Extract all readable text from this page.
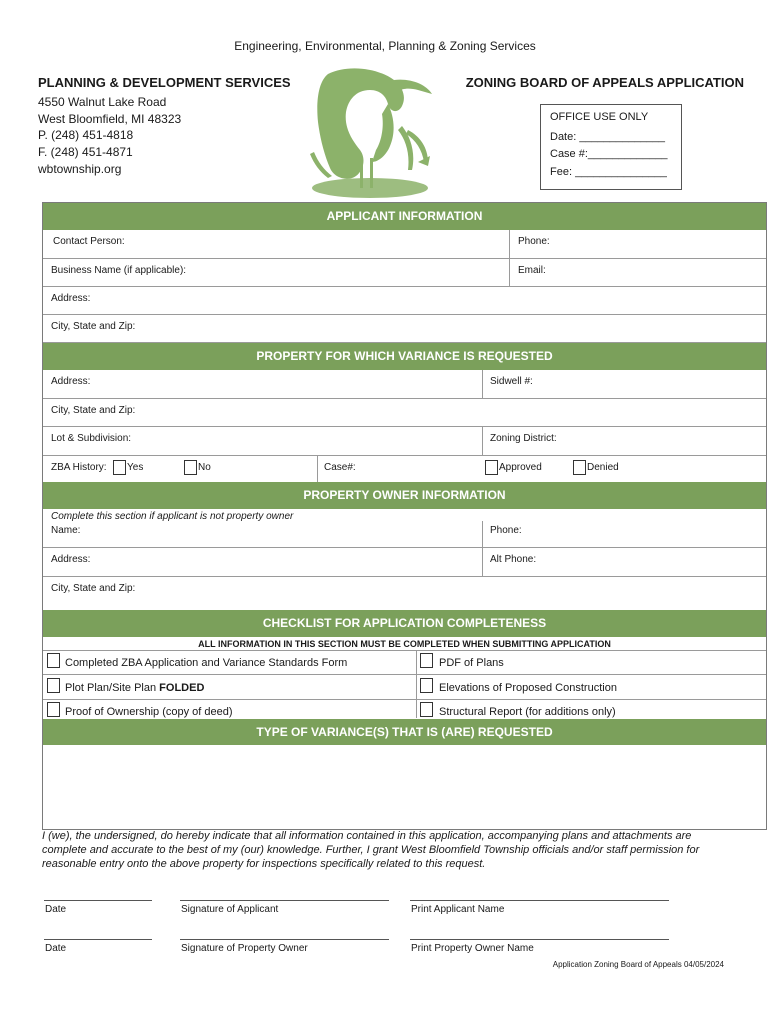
Engineering, Environmental, Planning & Zoning Services
PLANNING & DEVELOPMENT SERVICES
4550 Walnut Lake Road
West Bloomfield, MI 48323
P. (248) 451-4818
F. (248) 451-4871
wbtownship.org
ZONING BOARD OF APPEALS APPLICATION
OFFICE USE ONLY
Date: ______________
Case #:_____________
Fee: _______________
APPLICANT INFORMATION
Contact Person:	Phone:
Business Name (if applicable):	Email:
Address:
City, State and Zip:
PROPERTY FOR WHICH VARIANCE IS REQUESTED
Address:	Sidwell #:
City, State and Zip:
Lot & Subdivision:	Zoning District:
ZBA History: Yes	No	Case#:	Approved	Denied
PROPERTY OWNER INFORMATION
Complete this section if applicant is not property owner
Name:	Phone:
Address:	Alt Phone:
City, State and Zip:
CHECKLIST FOR APPLICATION COMPLETENESS
ALL INFORMATION IN THIS SECTION MUST BE COMPLETED WHEN SUBMITTING APPLICATION
Completed ZBA Application and Variance Standards Form	PDF of Plans
Plot Plan/Site Plan FOLDED	Elevations of Proposed Construction
Proof of Ownership (copy of deed)	Structural Report (for additions only)
TYPE OF VARIANCE(S) THAT IS (ARE) REQUESTED
I (we), the undersigned, do hereby indicate that all information contained in this application, accompanying plans and attachments are complete and accurate to the best of my (our) knowledge. Further, I grant West Bloomfield Township officials and/or staff permission for reasonable entry onto the above property for inspections specifically related to this request.
Date	Signature of Applicant	Print Applicant Name
Date	Signature of Property Owner	Print Property Owner Name
Application Zoning Board of Appeals 04/05/2024
